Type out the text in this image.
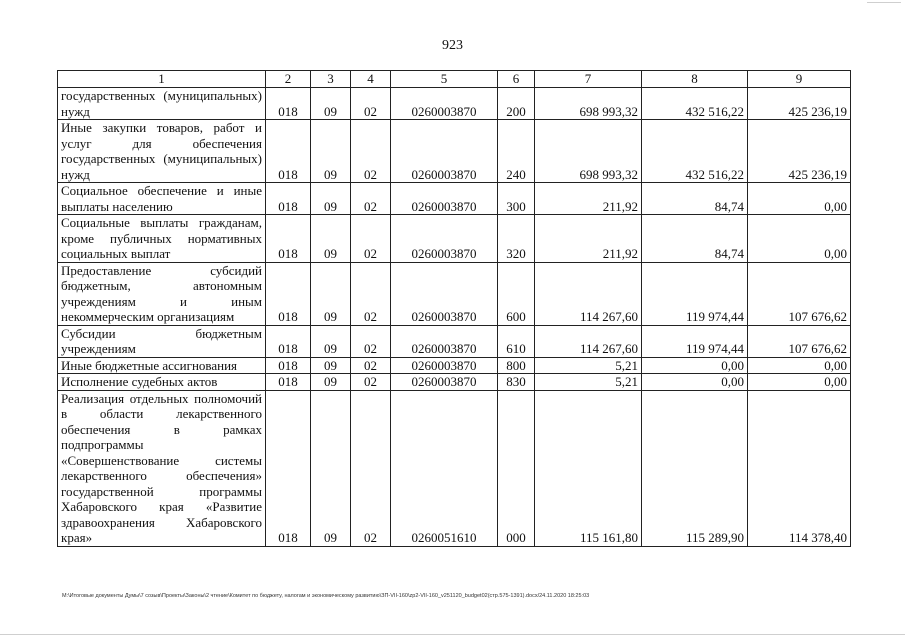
923
1	2	3	4	5	6	7	8	9
государственных (муниципальных) нужд	018	09	02	0260003870	200	698 993,32	432 516,22	425 236,19
Иные закупки товаров, работ и услуг для обеспечения государственных (муниципальных) нужд	018	09	02	0260003870	240	698 993,32	432 516,22	425 236,19
Социальное обеспечение и иные выплаты населению	018	09	02	0260003870	300	211,92	84,74	0,00
Социальные выплаты гражданам, кроме публичных нормативных социальных выплат	018	09	02	0260003870	320	211,92	84,74	0,00
Предоставление субсидий бюджетным, автономным учреждениям и иным некоммерческим организациям	018	09	02	0260003870	600	114 267,60	119 974,44	107 676,62
Субсидии бюджетным учреждениям	018	09	02	0260003870	610	114 267,60	119 974,44	107 676,62
Иные бюджетные ассигнования	018	09	02	0260003870	800	5,21	0,00	0,00
Исполнение судебных актов	018	09	02	0260003870	830	5,21	0,00	0,00
Реализация отдельных полномочий в области лекарственного обеспечения в рамках подпрограммы «Совершенствование системы лекарственного обеспечения» государственной программы Хабаровского края «Развитие здравоохранения Хабаровского края»	018	09	02	0260051610	000	115 161,80	115 289,90	114 378,40
M:\Итоговые документы Думы\7 созыв\Проекты\Законы\2 чтение\Комитет по бюджету, налогам и экономическому развитию\ЗП-VII-160\zp2-VII-160_v251120_budget02(стр.575-1391).docx/24.11.2020 18:25:03
